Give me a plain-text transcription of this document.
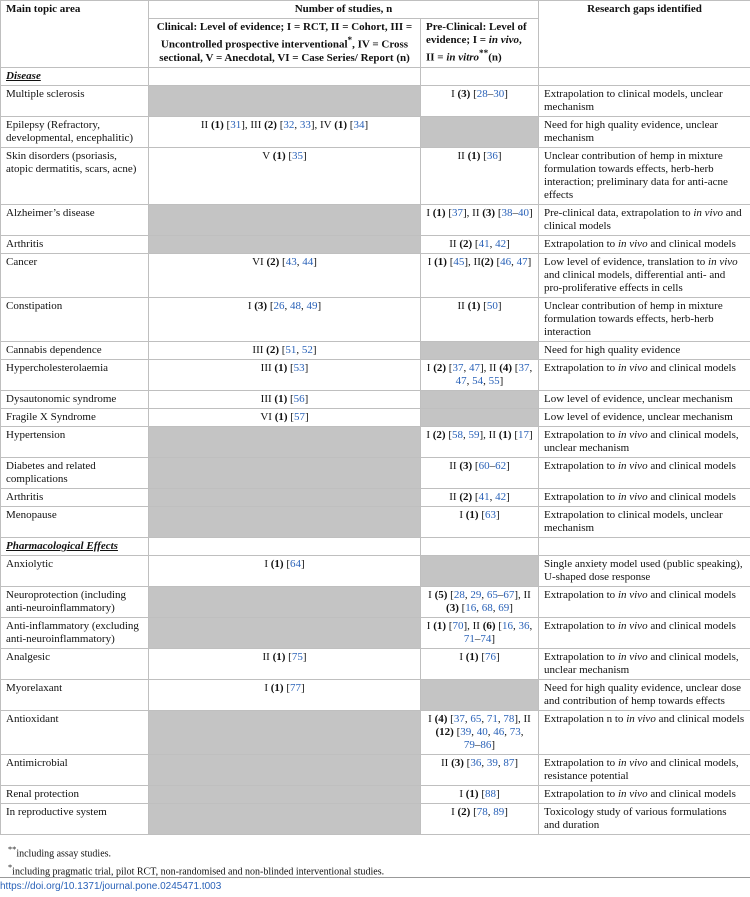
Main topic area	Number of studies, n		Research gaps identified
	Clinical: Level of evidence; I = RCT, II = Cohort, III = Uncontrolled prospective interventional*, IV = Cross sectional, V = Anecdotal, VI = Case Series/ Report (n)	Pre-Clinical: Level of evidence; I = in vivo, II = in vitro**(n)	
Disease			
Multiple sclerosis		I (3) [28–30]	Extrapolation to clinical models, unclear mechanism
Epilepsy (Refractory, developmental, encephalitic)	II (1) [31], III (2) [32, 33], IV (1) [34]		Need for high quality evidence, unclear mechanism
Skin disorders (psoriasis, atopic dermatitis, scars, acne)	V (1) [35]	II (1) [36]	Unclear contribution of hemp in mixture formulation towards effects, herb-herb interaction; preliminary data for anti-acne effects
Alzheimer’s disease		I (1) [37], II (3) [38–40]	Pre-clinical data, extrapolation to in vivo and clinical models
Arthritis		II (2) [41, 42]	Extrapolation to in vivo and clinical models
Cancer	VI (2) [43, 44]	I (1) [45], II(2) [46, 47]	Low level of evidence, translation to in vivo and clinical models, differential anti- and pro-proliferative effects in cells
Constipation	I (3) [26, 48, 49]	II (1) [50]	Unclear contribution of hemp in mixture formulation towards effects, herb-herb interaction
Cannabis dependence	III (2) [51, 52]		Need for high quality evidence
Hypercholesterolaemia	III (1) [53]	I (2) [37, 47], II (4) [37, 47, 54, 55]	Extrapolation to in vivo and clinical models
Dysautonomic syndrome	III (1) [56]		Low level of evidence, unclear mechanism
Fragile X Syndrome	VI (1) [57]		Low level of evidence, unclear mechanism
Hypertension		I (2) [58, 59], II (1) [17]	Extrapolation to in vivo and clinical models, unclear mechanism
Diabetes and related complications		II (3) [60–62]	Extrapolation to in vivo and clinical models
Arthritis		II (2) [41, 42]	Extrapolation to in vivo and clinical models
Menopause		I (1) [63]	Extrapolation to clinical models, unclear mechanism
Pharmacological Effects			
Anxiolytic	I (1) [64]		Single anxiety model used (public speaking), U-shaped dose response
Neuroprotection (including anti-neuroinflammatory)		I (5) [28, 29, 65–67], II (3) [16, 68, 69]	Extrapolation to in vivo and clinical models
Anti-inflammatory (excluding anti-neuroinflammatory)		I (1) [70], II (6) [16, 36, 71–74]	Extrapolation to in vivo and clinical models
Analgesic	II (1) [75]	I (1) [76]	Extrapolation to in vivo and clinical models, unclear mechanism
Myorelaxant	I (1) [77]		Need for high quality evidence, unclear dose and contribution of hemp towards effects
Antioxidant		I (4) [37, 65, 71, 78], II (12) [39, 40, 46, 73, 79–86]	Extrapolation n to in vivo and clinical models
Antimicrobial		II (3) [36, 39, 87]	Extrapolation to in vivo and clinical models, resistance potential
Renal protection		I (1) [88]	Extrapolation to in vivo and clinical models
In reproductive system		I (2) [78, 89]	Toxicology study of various formulations and duration
**including assay studies.
*including pragmatic trial, pilot RCT, non-randomised and non-blinded interventional studies.
https://doi.org/10.1371/journal.pone.0245471.t003
